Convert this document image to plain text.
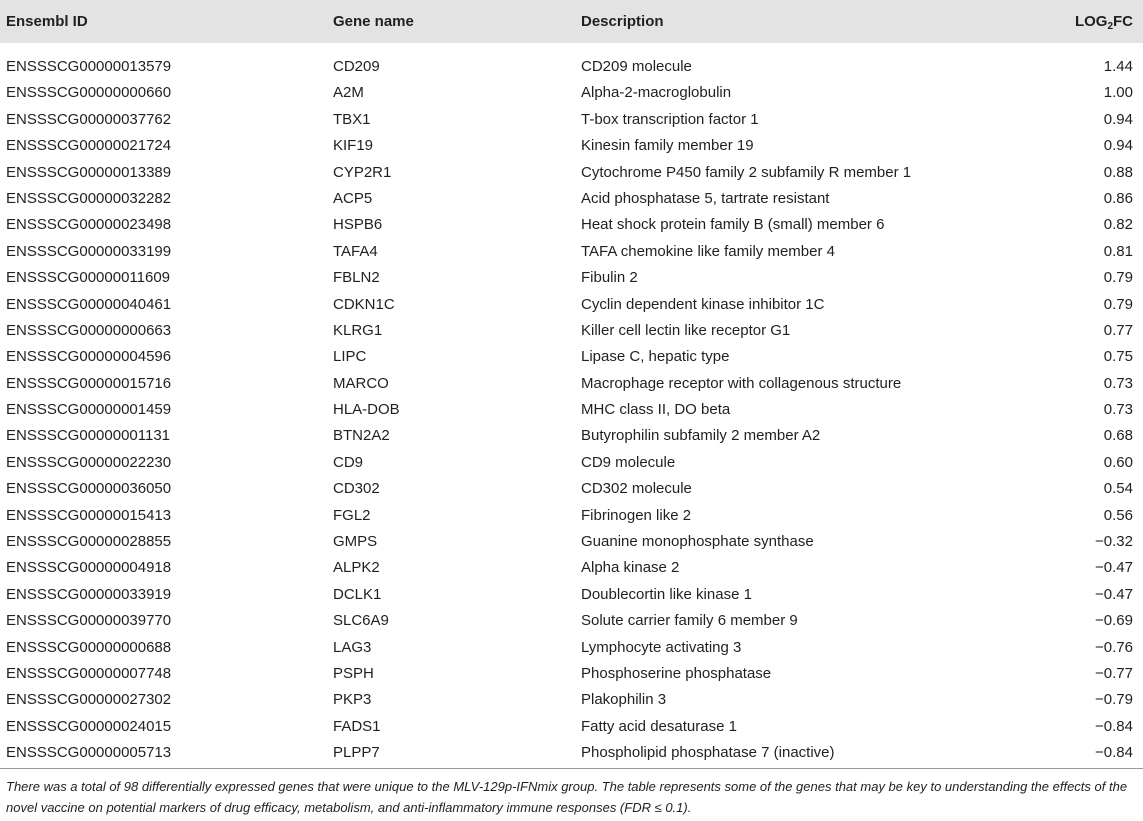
Ensembl ID	Gene name	Description	$LOG_2FC$
ENSSSCG00000013579	CD209	CD209 molecule	1.44
ENSSSCG00000000660	A2M	Alpha-2-macroglobulin	1.00
ENSSSCG00000037762	TBX1	T-box transcription factor 1	0.94
ENSSSCG00000021724	KIF19	Kinesin family member 19	0.94
ENSSSCG00000013389	CYP2R1	Cytochrome P450 family 2 subfamily R member 1	0.88
ENSSSCG00000032282	ACP5	Acid phosphatase 5, tartrate resistant	0.86
ENSSSCG00000023498	HSPB6	Heat shock protein family B (small) member 6	0.82
ENSSSCG00000033199	TAFA4	TAFA chemokine like family member 4	0.81
ENSSSCG00000011609	FBLN2	Fibulin 2	0.79
ENSSSCG00000040461	CDKN1C	Cyclin dependent kinase inhibitor 1C	0.79
ENSSSCG00000000663	KLRG1	Killer cell lectin like receptor G1	0.77
ENSSSCG00000004596	LIPC	Lipase C, hepatic type	0.75
ENSSSCG00000015716	MARCO	Macrophage receptor with collagenous structure	0.73
ENSSSCG00000001459	HLA-DOB	MHC class II, DO beta	0.73
ENSSSCG00000001131	BTN2A2	Butyrophilin subfamily 2 member A2	0.68
ENSSSCG00000022230	CD9	CD9 molecule	0.60
ENSSSCG00000036050	CD302	CD302 molecule	0.54
ENSSSCG00000015413	FGL2	Fibrinogen like 2	0.56
ENSSSCG00000028855	GMPS	Guanine monophosphate synthase	−0.32
ENSSSCG00000004918	ALPK2	Alpha kinase 2	−0.47
ENSSSCG00000033919	DCLK1	Doublecortin like kinase 1	−0.47
ENSSSCG00000039770	SLC6A9	Solute carrier family 6 member 9	−0.69
ENSSSCG00000000688	LAG3	Lymphocyte activating 3	−0.76
ENSSSCG00000007748	PSPH	Phosphoserine phosphatase	−0.77
ENSSSCG00000027302	PKP3	Plakophilin 3	−0.79
ENSSSCG00000024015	FADS1	Fatty acid desaturase 1	−0.84
ENSSSCG00000005713	PLPP7	Phospholipid phosphatase 7 (inactive)	−0.84
There was a total of 98 differentially expressed genes that were unique to the MLV-129p-IFNmix group. The table represents some of the genes that may be key to understanding the effects of the novel vaccine on potential markers of drug efficacy, metabolism, and anti-inflammatory immune responses (FDR ≤ 0.1).
